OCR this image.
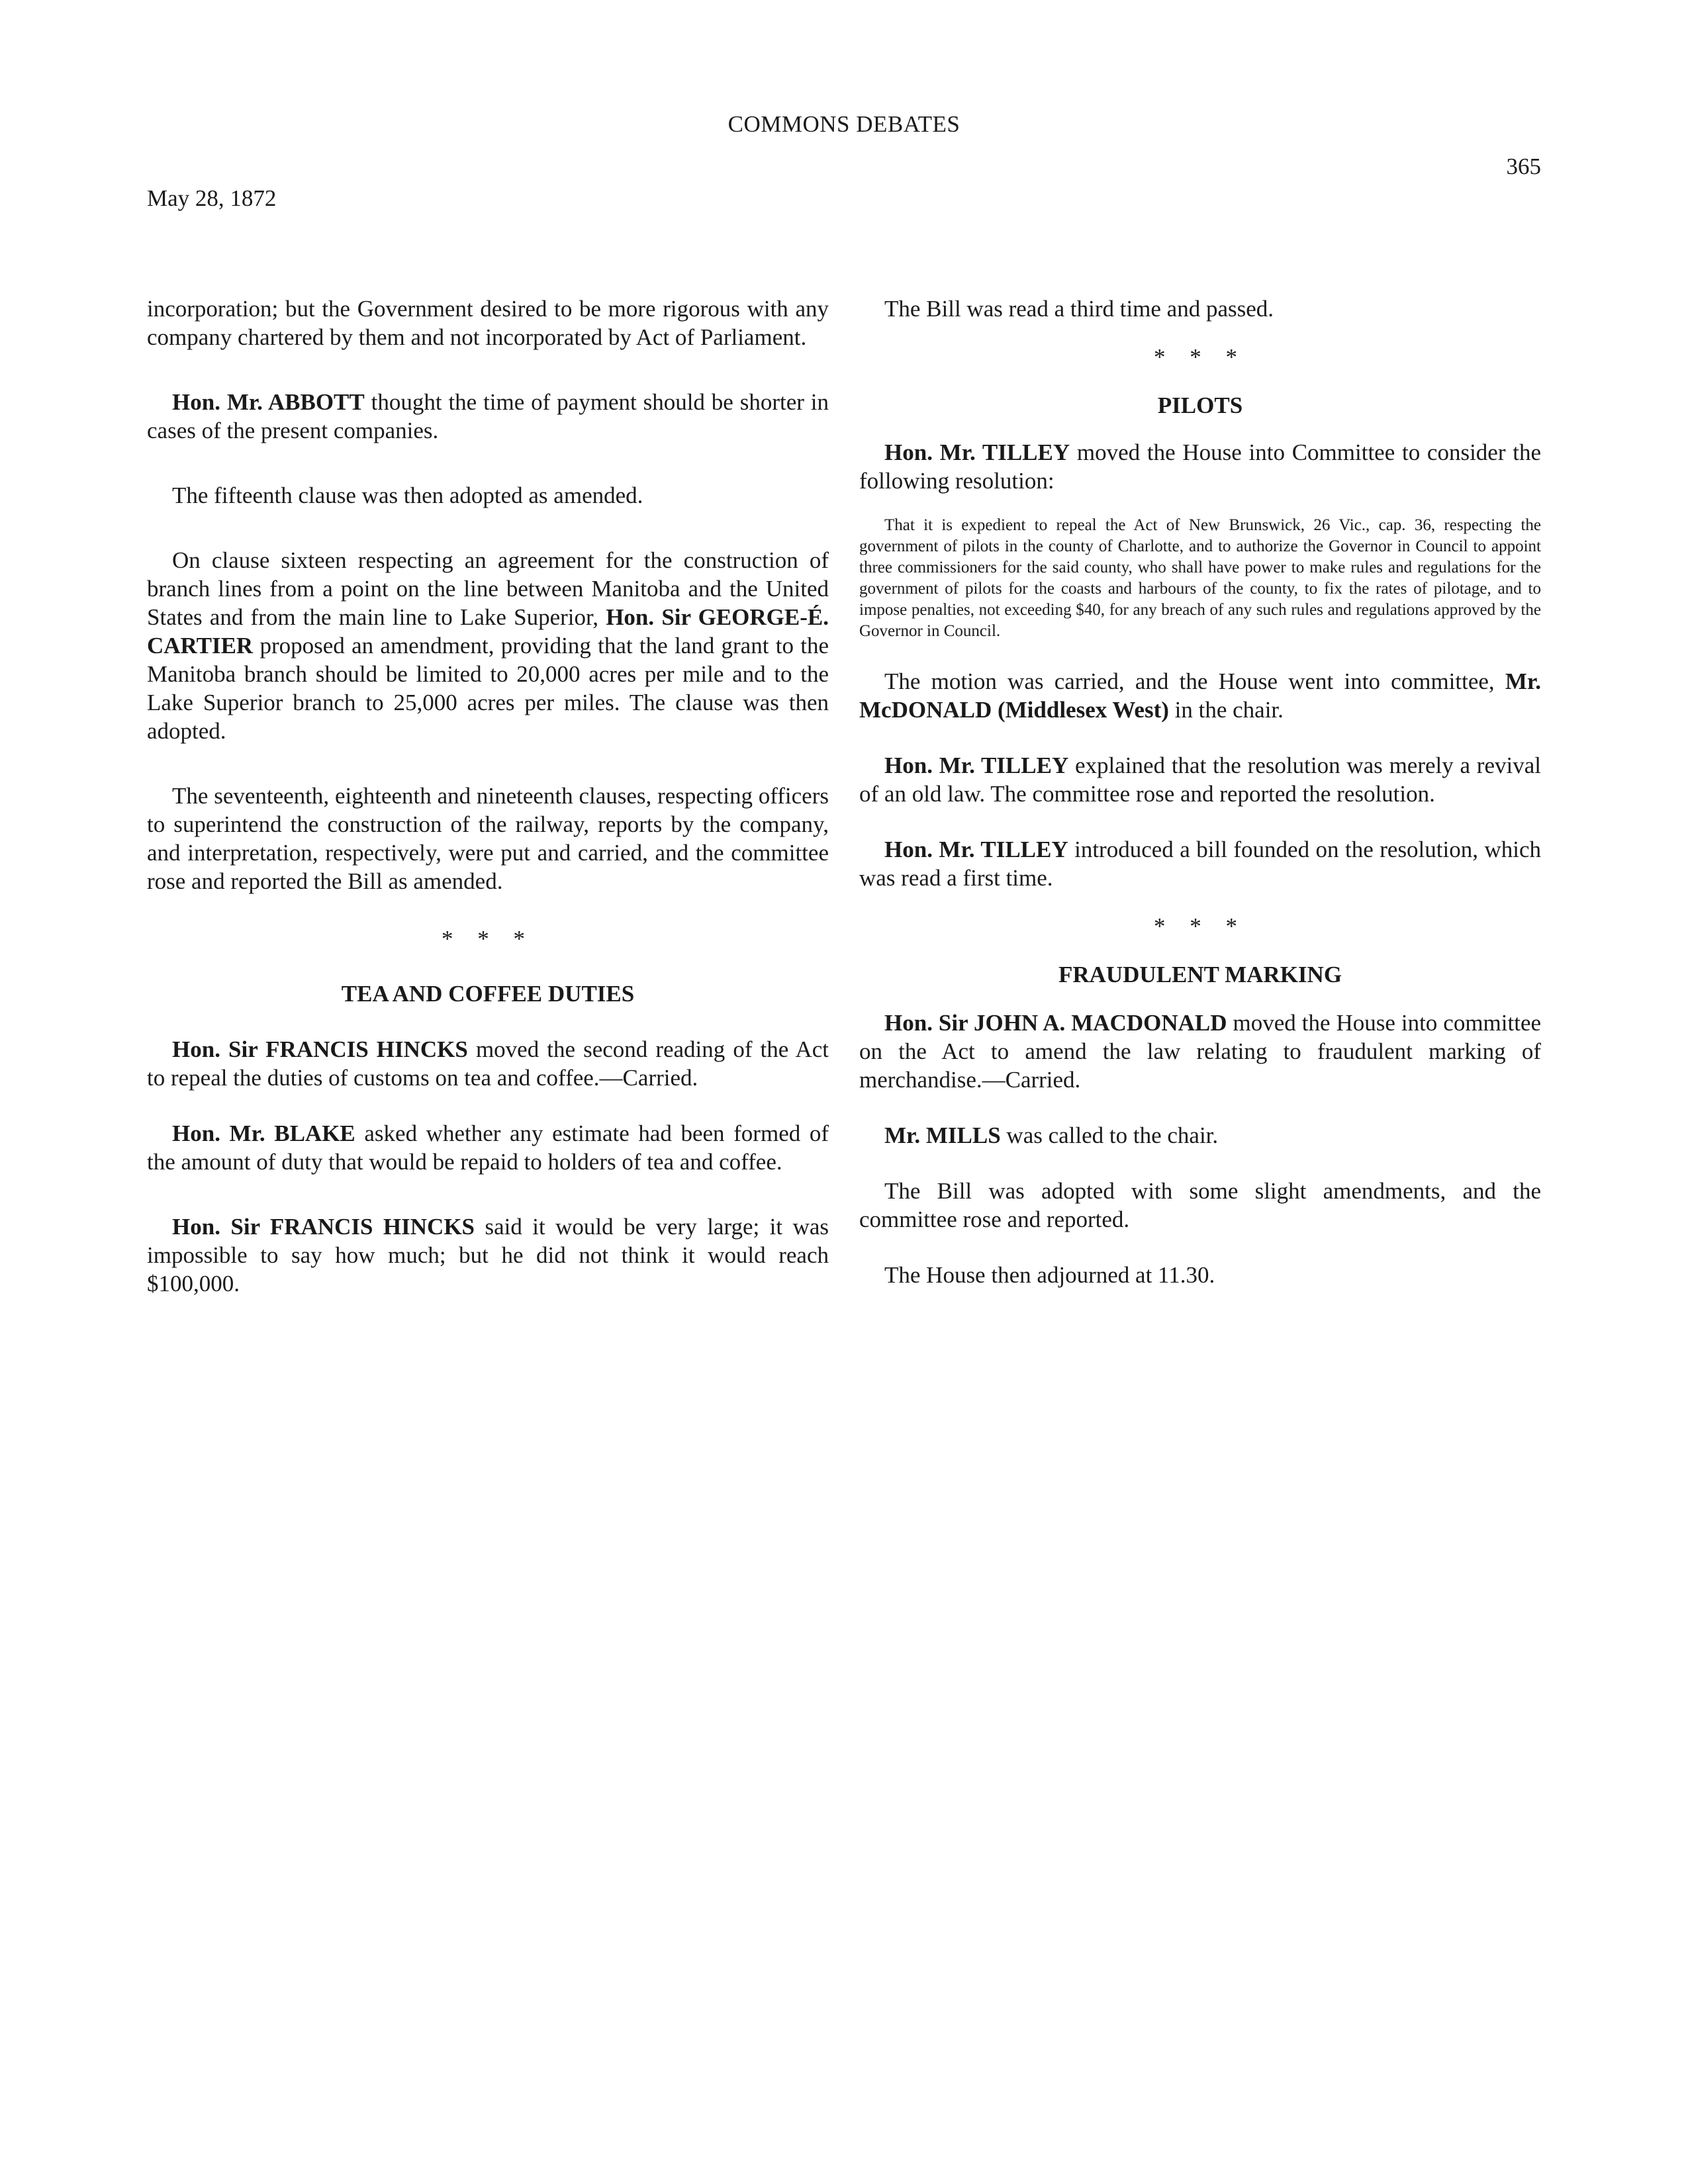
COMMONS DEBATES
365
May 28, 1872

incorporation; but the Government desired to be more rigorous with any company chartered by them and not incorporated by Act of Parliament.

Hon. Mr. ABBOTT thought the time of payment should be shorter in cases of the present companies.

The fifteenth clause was then adopted as amended.

On clause sixteen respecting an agreement for the construction of branch lines from a point on the line between Manitoba and the United States and from the main line to Lake Superior, Hon. Sir GEORGE-É. CARTIER proposed an amendment, providing that the land grant to the Manitoba branch should be limited to 20,000 acres per mile and to the Lake Superior branch to 25,000 acres per miles. The clause was then adopted.

The seventeenth, eighteenth and nineteenth clauses, respecting officers to superintend the construction of the railway, reports by the company, and interpretation, respectively, were put and carried, and the committee rose and reported the Bill as amended.

* * *
TEA AND COFFEE DUTIES

Hon. Sir FRANCIS HINCKS moved the second reading of the Act to repeal the duties of customs on tea and coffee.—Carried.

Hon. Mr. BLAKE asked whether any estimate had been formed of the amount of duty that would be repaid to holders of tea and coffee.

Hon. Sir FRANCIS HINCKS said it would be very large; it was impossible to say how much; but he did not think it would reach $100,000.

The Bill was read a third time and passed.

* * *
PILOTS

Hon. Mr. TILLEY moved the House into Committee to consider the following resolution:

That it is expedient to repeal the Act of New Brunswick, 26 Vic., cap. 36, respecting the government of pilots in the county of Charlotte, and to authorize the Governor in Council to appoint three commissioners for the said county, who shall have power to make rules and regulations for the government of pilots for the coasts and harbours of the county, to fix the rates of pilotage, and to impose penalties, not exceeding $40, for any breach of any such rules and regulations approved by the Governor in Council.

The motion was carried, and the House went into committee, Mr. McDONALD (Middlesex West) in the chair.

Hon. Mr. TILLEY explained that the resolution was merely a revival of an old law. The committee rose and reported the resolution.

Hon. Mr. TILLEY introduced a bill founded on the resolution, which was read a first time.

* * *
FRAUDULENT MARKING

Hon. Sir JOHN A. MACDONALD moved the House into committee on the Act to amend the law relating to fraudulent marking of merchandise.—Carried.

Mr. MILLS was called to the chair.

The Bill was adopted with some slight amendments, and the committee rose and reported.

The House then adjourned at 11.30.
